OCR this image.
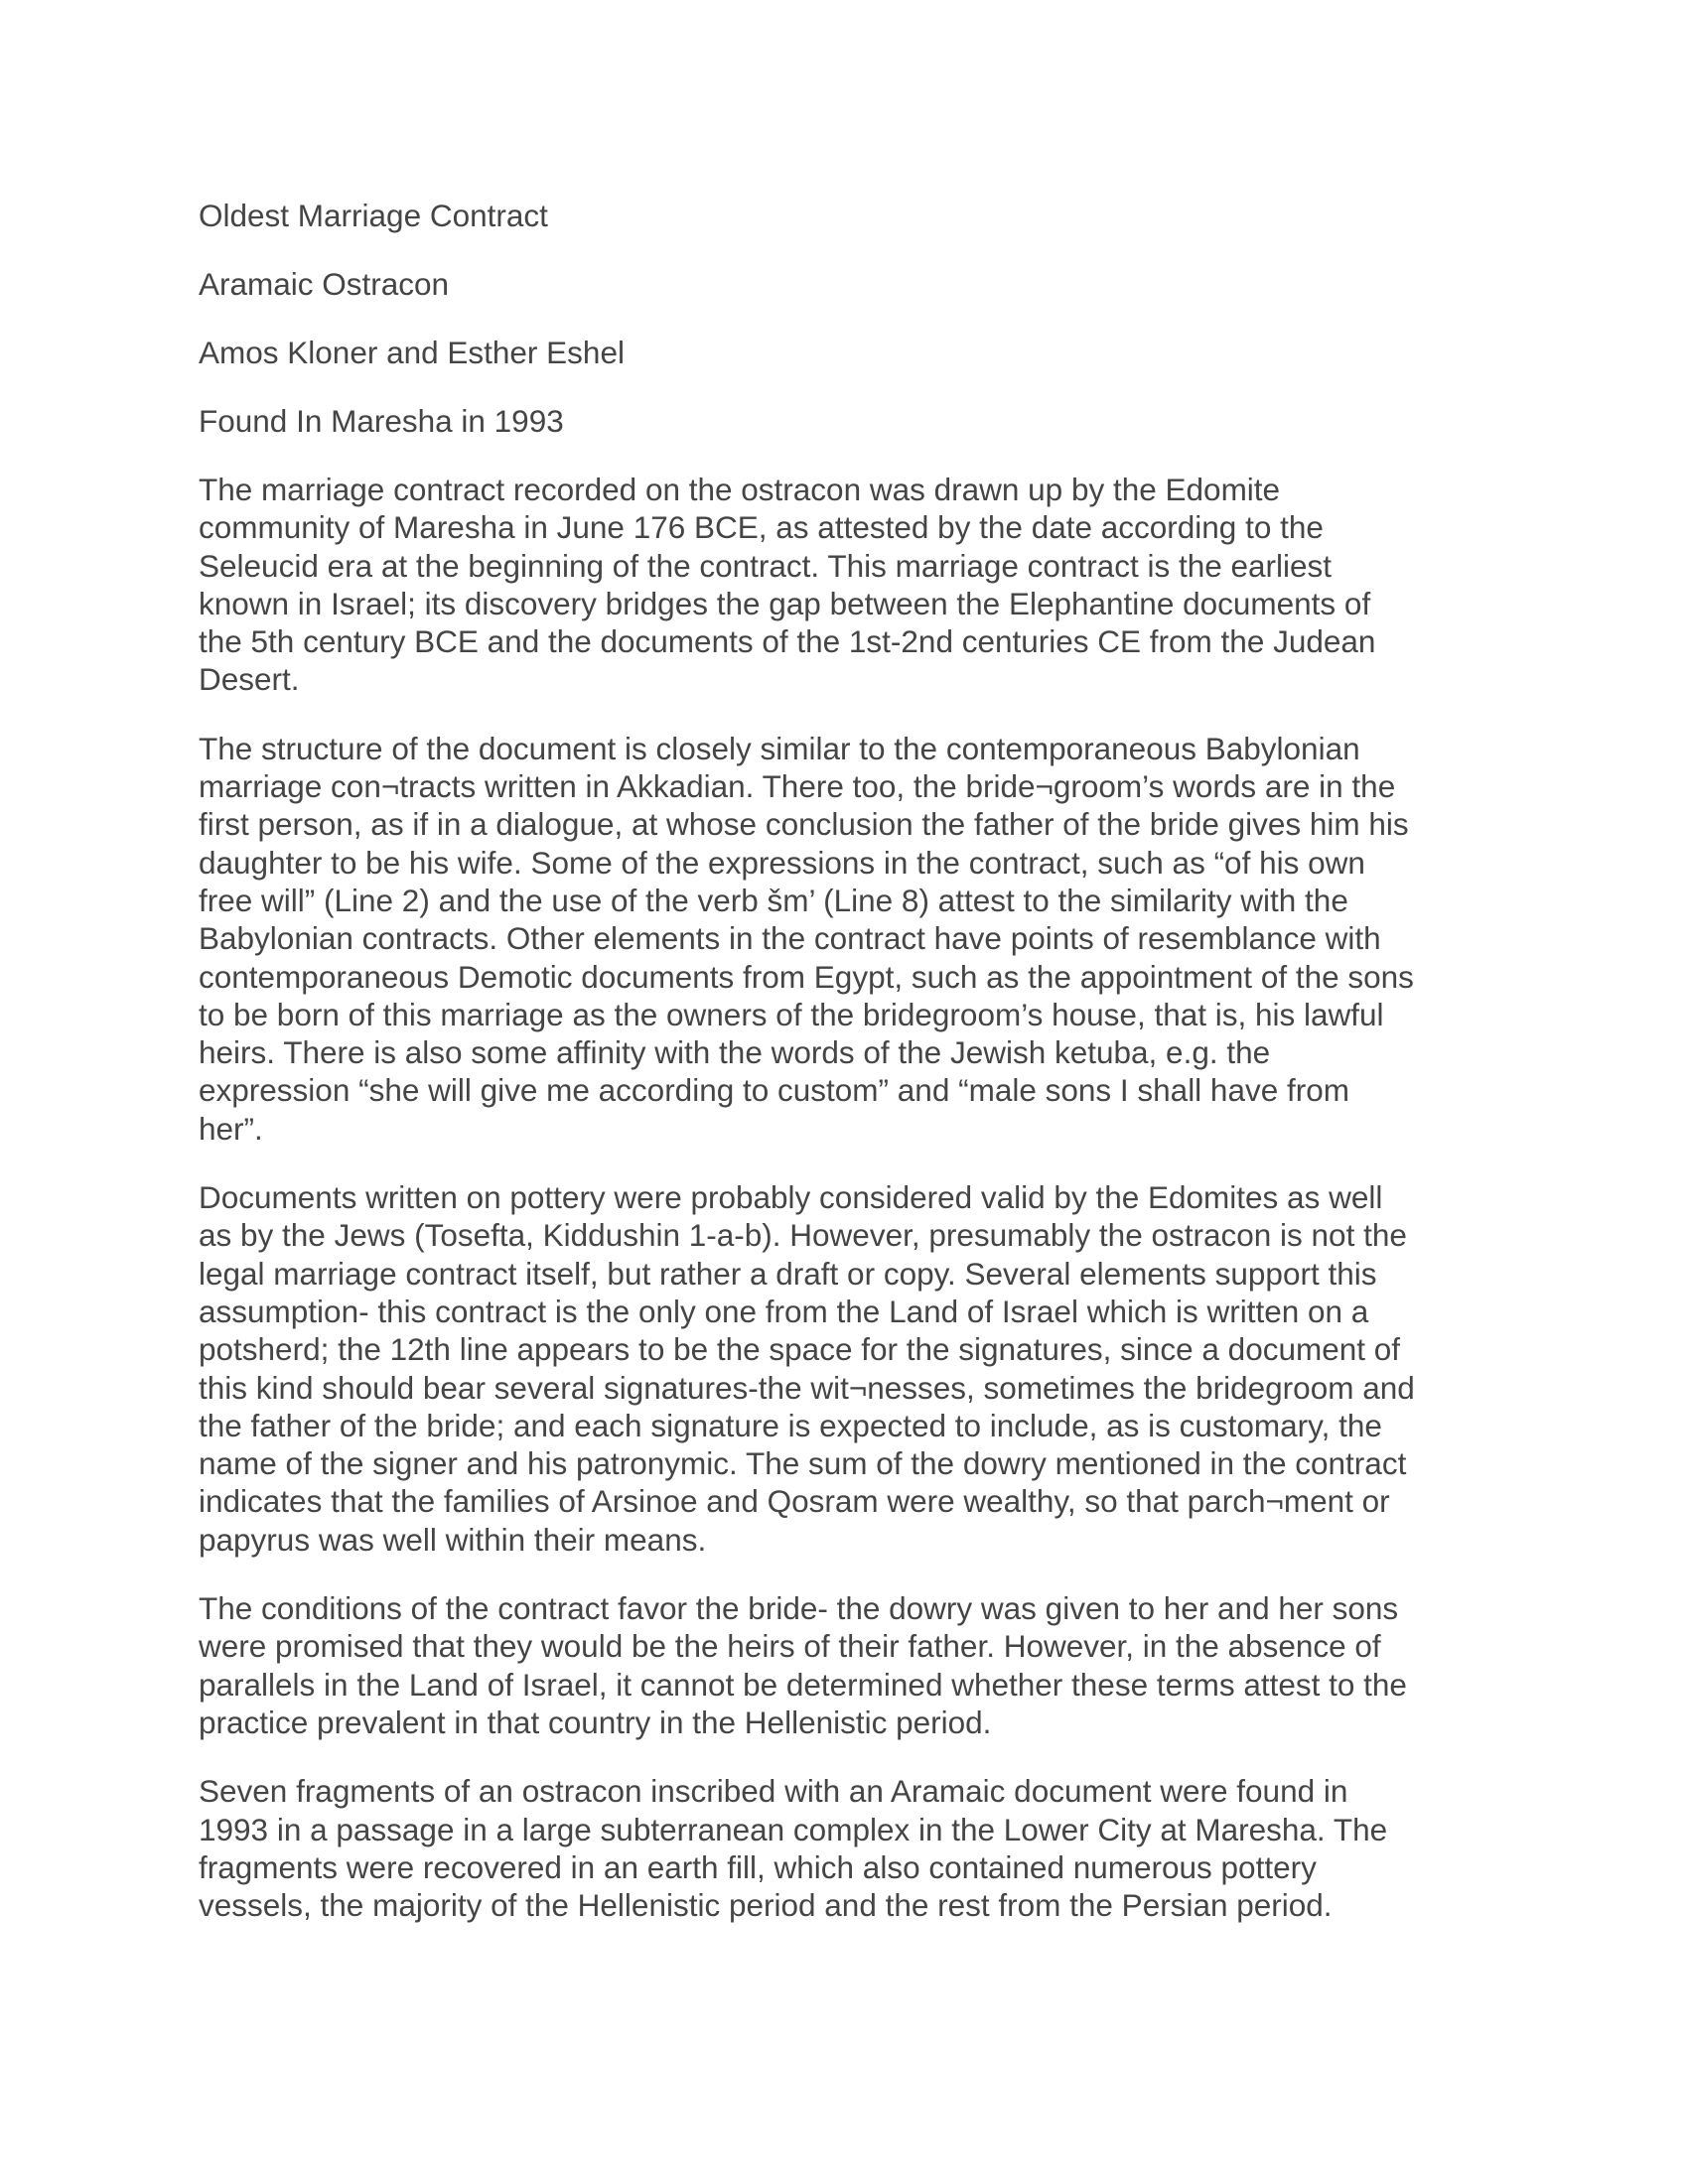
Oldest Marriage Contract
Aramaic Ostracon
Amos Kloner and Esther Eshel
Found In Maresha in 1993
The marriage contract recorded on the ostracon was drawn up by the Edomite
community of Maresha in June 176 BCE, as attested by the date according to the
Seleucid era at the beginning of the contract. This marriage contract is the earliest
known in Israel; its discovery bridges the gap between the Elephantine documents of
the 5th century BCE and the documents of the 1st-2nd centuries CE from the Judean
Desert.
The structure of the document is closely similar to the contemporaneous Babylonian
marriage con¬tracts written in Akkadian. There too, the bride¬groom’s words are in the
first person, as if in a dialogue, at whose conclusion the father of the bride gives him his
daughter to be his wife. Some of the expressions in the contract, such as “of his own
free will” (Line 2) and the use of the verb šm’ (Line 8) attest to the similarity with the
Babylonian contracts. Other elements in the contract have points of resemblance with
contemporaneous Demotic documents from Egypt, such as the appointment of the sons
to be born of this marriage as the owners of the bridegroom’s house, that is, his lawful
heirs. There is also some affinity with the words of the Jewish ketuba, e.g. the
expression “she will give me according to custom” and “male sons I shall have from
her”.
Documents written on pottery were probably considered valid by the Edomites as well
as by the Jews (Tosefta, Kiddushin 1-a-b). However, presumably the ostracon is not the
legal marriage contract itself, but rather a draft or copy. Several elements support this
assumption- this contract is the only one from the Land of Israel which is written on a
potsherd; the 12th line appears to be the space for the signatures, since a document of
this kind should bear several signatures-the wit¬nesses, sometimes the bridegroom and
the father of the bride; and each signature is expected to include, as is customary, the
name of the signer and his patronymic. The sum of the dowry mentioned in the contract
indicates that the families of Arsinoe and Qosram were wealthy, so that parch¬ment or
papyrus was well within their means.
The conditions of the contract favor the bride- the dowry was given to her and her sons
were promised that they would be the heirs of their father. However, in the absence of
parallels in the Land of Israel, it cannot be determined whether these terms attest to the
practice prevalent in that country in the Hellenistic period.
Seven fragments of an ostracon inscribed with an Aramaic document were found in
1993 in a passage in a large subterranean complex in the Lower City at Maresha. The
fragments were recovered in an earth fill, which also contained numerous pottery
vessels, the majority of the Hellenistic period and the rest from the Persian period.
